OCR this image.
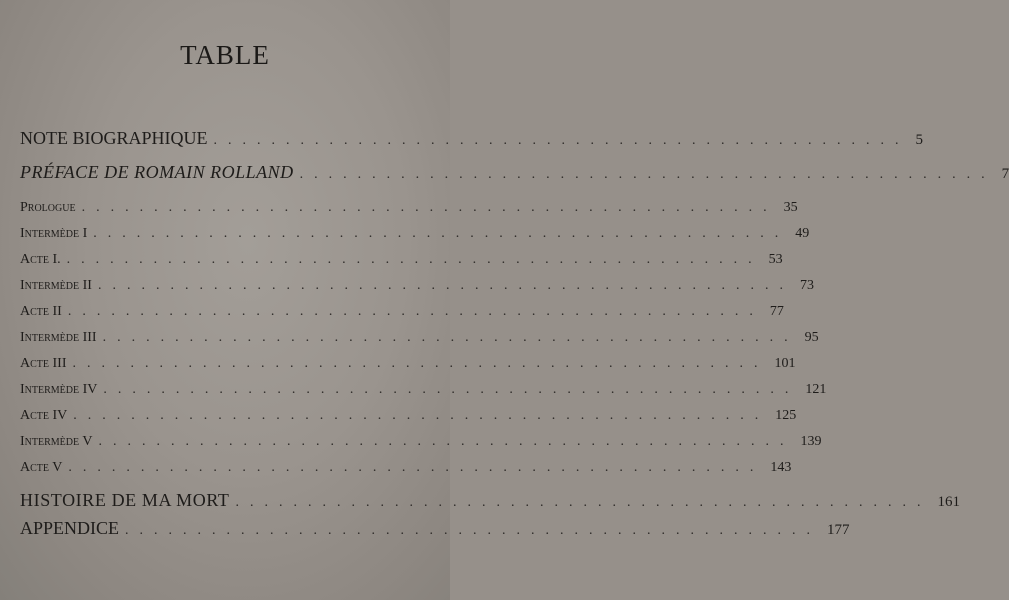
TABLE
NOTE BIOGRAPHIQUE ................................................ 5
PRÉFACE DE ROMAIN ROLLAND ................................................ 7
Prologue ................................................ 35
Intermède I ................................................ 49
Acte I. ................................................ 53
Intermède II ................................................ 73
Acte II ................................................ 77
Intermède III ................................................ 95
Acte III ................................................ 101
Intermède IV ................................................ 121
Acte IV ................................................ 125
Intermède V ................................................ 139
Acte V ................................................ 143
HISTOIRE DE MA MORT ................................................ 161
APPENDICE ................................................ 177
